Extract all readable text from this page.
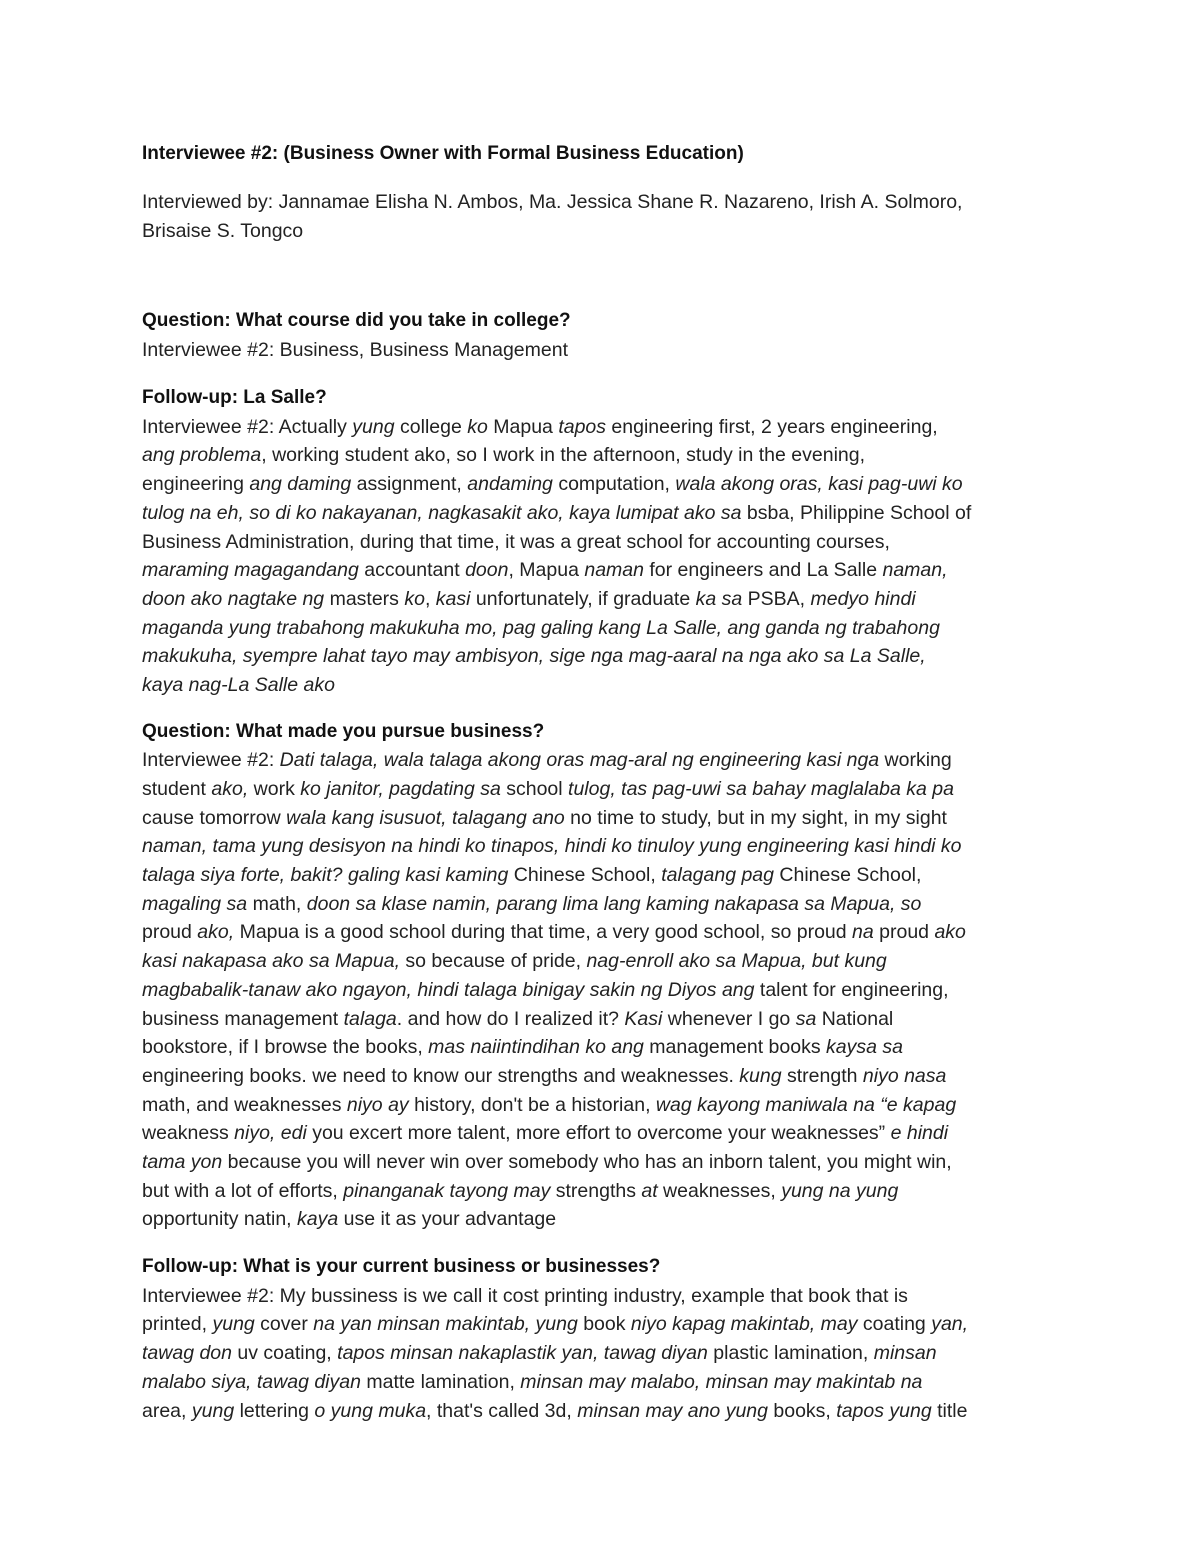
Interviewee #2: (Business Owner with Formal Business Education)

Interviewed by: Jannamae Elisha N. Ambos, Ma. Jessica Shane R. Nazareno, Irish A. Solmoro,
Brisaise S. Tongco

Question: What course did you take in college?

Interviewee #2: Business, Business Management

Follow-up: La Salle?

Interviewee #2: Actually yung college ko Mapua tapos engineering first, 2 years engineering,
ang problema, working student ako, so I work in the afternoon, study in the evening,
engineering ang daming assignment, andaming computation, wala akong oras, kasi pag-uwi ko
tulog na eh, so di ko nakayanan, nagkasakit ako, kaya lumipat ako sa bsba, Philippine School of
Business Administration, during that time, it was a great school for accounting courses,
maraming magagandang accountant doon, Mapua naman for engineers and La Salle naman,
doon ako nagtake ng masters ko, kasi unfortunately, if graduate ka sa PSBA, medyo hindi
maganda yung trabahong makukuha mo, pag galing kang La Salle, ang ganda ng trabahong
makukuha, syempre lahat tayo may ambisyon, sige nga mag-aaral na nga ako sa La Salle,
kaya nag-La Salle ako

Question: What made you pursue business?

Interviewee #2: Dati talaga, wala talaga akong oras mag-aral ng engineering kasi nga working
student ako, work ko janitor, pagdating sa school tulog, tas pag-uwi sa bahay maglalaba ka pa
cause tomorrow wala kang isusuot, talagang ano no time to study, but in my sight, in my sight
naman, tama yung desisyon na hindi ko tinapos, hindi ko tinuloy yung engineering kasi hindi ko
talaga siya forte, bakit? galing kasi kaming Chinese School, talagang pag Chinese School,
magaling sa math, doon sa klase namin, parang lima lang kaming nakapasa sa Mapua, so
proud ako, Mapua is a good school during that time, a very good school, so proud na proud ako
kasi nakapasa ako sa Mapua, so because of pride, nag-enroll ako sa Mapua, but kung
magbabalik-tanaw ako ngayon, hindi talaga binigay sakin ng Diyos ang talent for engineering,
business management talaga. and how do I realized it? Kasi whenever I go sa National
bookstore, if I browse the books, mas naiintindihan ko ang management books kaysa sa
engineering books. we need to know our strengths and weaknesses. kung strength niyo nasa
math, and weaknesses niyo ay history, don't be a historian, wag kayong maniwala na “e kapag
weakness niyo, edi you excert more talent, more effort to overcome your weaknesses” e hindi
tama yon because you will never win over somebody who has an inborn talent, you might win,
but with a lot of efforts, pinanganak tayong may strengths at weaknesses, yung na yung
opportunity natin, kaya use it as your advantage

Follow-up: What is your current business or businesses?

Interviewee #2: My bussiness is we call it cost printing industry, example that book that is
printed, yung cover na yan minsan makintab, yung book niyo kapag makintab, may coating yan,
tawag don uv coating, tapos minsan nakaplastik yan, tawag diyan plastic lamination, minsan
malabo siya, tawag diyan matte lamination, minsan may malabo, minsan may makintab na
area, yung lettering o yung muka, that's called 3d, minsan may ano yung books, tapos yung title
